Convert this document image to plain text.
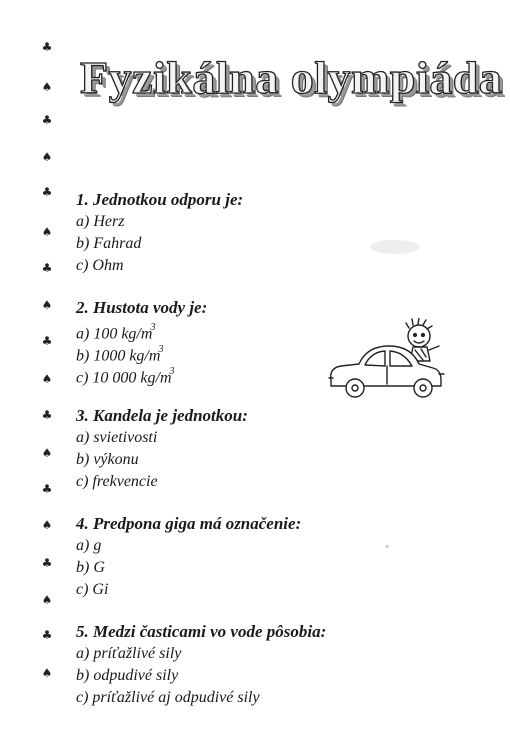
♣
♠
♣
♠
♣
♠
♣
♠
♣
♠
♣
♠
♣
♠
♣
♠
♣
♠
Fyzikálna olympiáda
1. Jednotkou odporu je:
a) Herz
b) Fahrad
c) Ohm
2. Hustota vody je:
a) 100 $kg/m^3$
b) 1000 $kg/m^3$
c) 10 000 $kg/m^3$
3. Kandela je jednotkou:
a) svietivosti
b) výkonu
c) frekvencie
4. Predpona giga má označenie:
a) g
b) G
c) Gi
5. Medzi časticami vo vode pôsobia:
a) príťažlivé sily
b) odpudivé sily
c) príťažlivé aj odpudivé sily
